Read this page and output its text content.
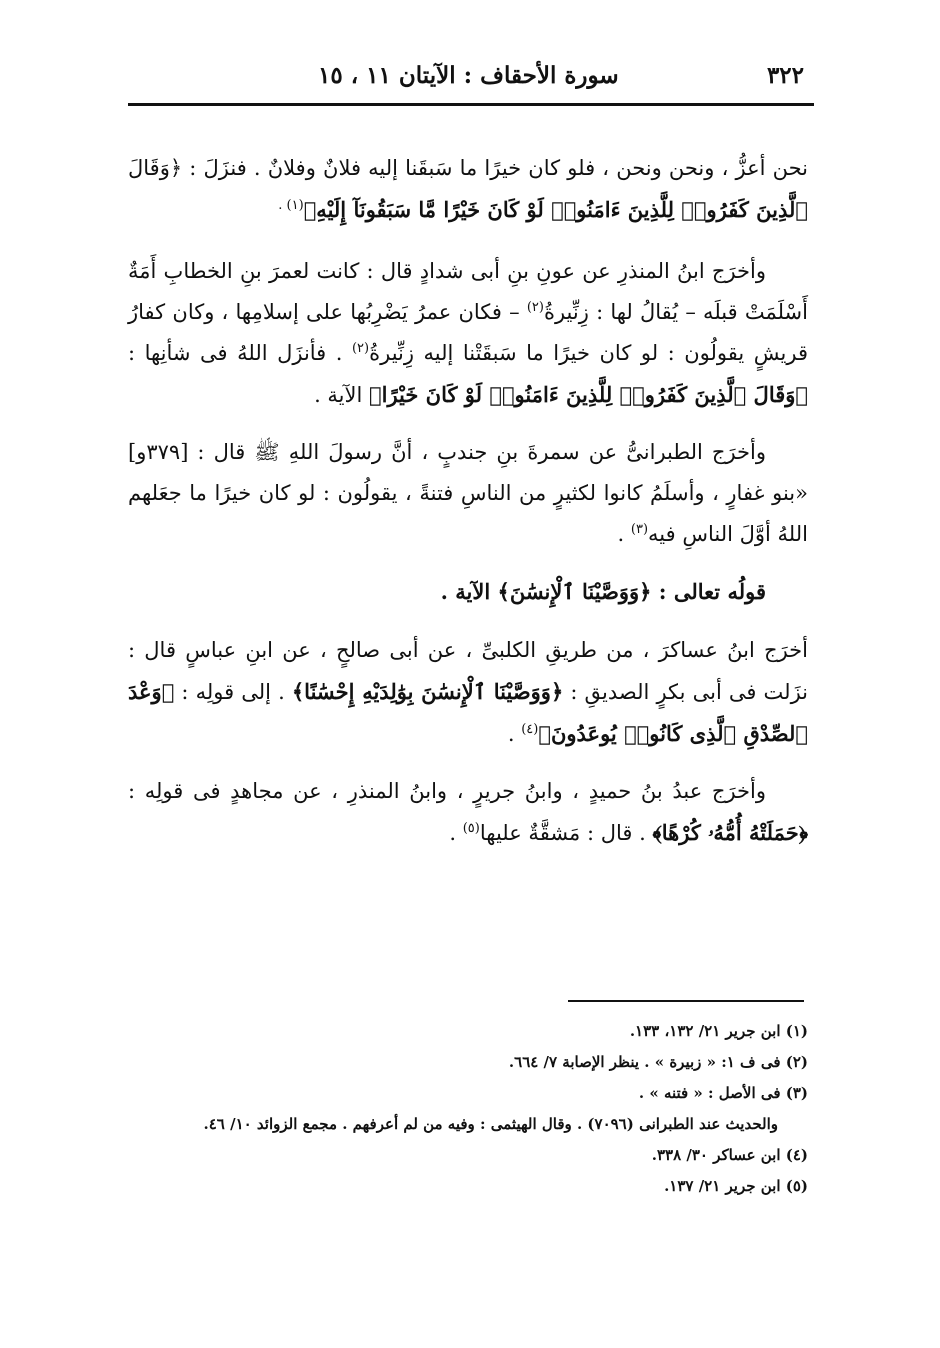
٣٢٢
سورة الأحقاف : الآيتان ١١ ، ١٥

نحن أعزُّ ، ونحن ونحن ، فلو كان خيرًا ما سَبقَنا إليه فلانٌ وفلانٌ . فنزَلَ : ﴿وَقَالَ ٱلَّذِينَ كَفَرُوا۟ لِلَّذِينَ ءَامَنُوا۟ لَوْ كَانَ خَيْرًا مَّا سَبَقُونَآ إِلَيْهِ﴾$^{(١) .}$

وأخرَج ابنُ المنذرِ عن عونِ بنِ أبى شدادٍ قال : كانت لعمرَ بنِ الخطابِ أَمَةٌ أَسْلَمَتْ قبلَه – يُقالُ لها : زِنِّيرةُ$^{(٢)}$ – فكان عمرُ يَضْرِبُها على إسلامِها ، وكان كفارُ قريشٍ يقولُون : لو كان خيرًا ما سَبقَتْنا إليه زِنِّيرةُ$^{(٢)}$ . فأنزَل اللهُ فى شأنِها : ﴿وَقَالَ ٱلَّذِينَ كَفَرُوا۟ لِلَّذِينَ ءَامَنُوا۟ لَوْ كَانَ خَيْرًا﴾ الآية .

وأخرَج الطبرانىُّ عن سمرةَ بنِ جندبٍ ، أنَّ رسولَ اللهِ ﷺ قال : [٣٧٩و] «بنو غفارٍ ، وأسلَمُ كانوا لكثيرٍ من الناسِ فتنةً ، يقولُون : لو كان خيرًا ما جعَلهم اللهُ أوَّلَ الناسِ فيه$^{(٣)}$ .

قولُه تعالى : ﴿وَوَصَّيْنَا ٱلْإِنسَٰنَ﴾ الآية .

أخرَج ابنُ عساكرَ ، من طريقِ الكلبىِّ ، عن أبى صالحٍ ، عن ابنِ عباسٍ قال : نزَلت فى أبى بكرٍ الصديقِ : ﴿وَوَصَّيْنَا ٱلْإِنسَٰنَ بِوَٰلِدَيْهِ إِحْسَٰنًا﴾ . إلى قولِه : ﴿وَعْدَ ٱلصِّدْقِ ٱلَّذِى كَانُوا۟ يُوعَدُونَ﴾$^{(٤)}$ .

وأخرَج عبدُ بنُ حميدٍ ، وابنُ جريرٍ ، وابنُ المنذرِ ، عن مجاهدٍ فى قولِه : ﴿حَمَلَتْهُ أُمُّهُۥ كُرْهًا﴾ . قال : مَشقَّةٌ عليها$^{(٥)}$ .

(١) ابن جرير ٢١/ ١٣٢، ١٣٣.
(٢) فى ف ١: « زبيرة » . ينظر الإصابة ٧/ ٦٦٤.
(٣) فى الأصل : « فتنه » .
والحديث عند الطبرانى (٧٠٩٦) . وقال الهيثمى : وفيه من لم أعرفهم . مجمع الزوائد ١٠/ ٤٦.
(٤) ابن عساكر ٣٠/ ٣٣٨.
(٥) ابن جرير ٢١/ ١٣٧.
